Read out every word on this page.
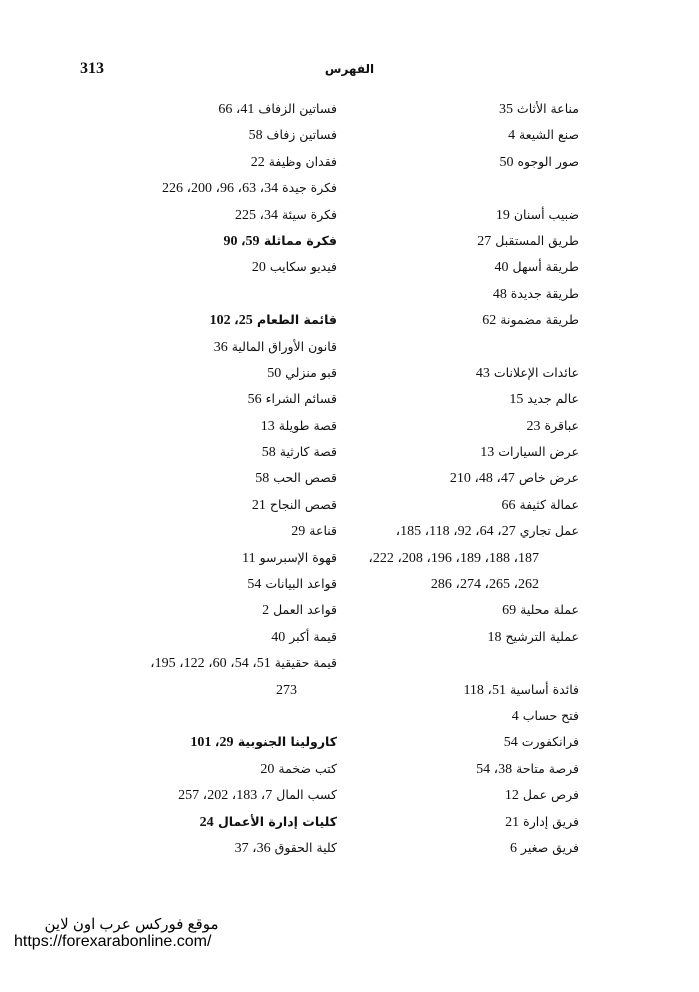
313	الفهرس
مناعة الأثاث 35
صنع الشيعة 4
صور الوجوه 50
ضبيب أسنان 19
طريق المستقبل 27
طريقة أسهل 40
طريقة جديدة 48
طريقة مضمونة 62
عائدات الإعلانات 43
عالم جديد 15
عباقرة 23
عرض السيارات 13
عرض خاص 47، 48، 210
عمالة كثيفة 66
عمل تجاري 27، 64، 92، 118، 185،
187، 188، 189، 196، 208، 222،
262، 265، 274، 286
عملة محلية 69
عملية الترشيح 18
فائدة أساسية 51، 118
فتح حساب 4
فرانكفورت 54
فرصة متاحة 38، 54
فرص عمل 12
فريق إدارة 21
فريق صغير 6
فساتين الزفاف 41، 66
فساتين زفاف 58
فقدان وظيفة 22
فكرة جيدة 34، 63، 96، 200، 226
فكرة سيئة 34، 225
فكرة مماثلة 59، 90
فيديو سكايب 20
قائمة الطعام 25، 102
قانون الأوراق المالية 36
قبو منزلي 50
قسائم الشراء 56
قصة طويلة 13
قصة كارثية 58
قصص الحب 58
قصص النجاح 21
قناعة 29
قهوة الإسبرسو 11
قواعد البيانات 54
قواعد العمل 2
قيمة أكبر 40
قيمة حقيقية 51، 54، 60، 122، 195،
273
كارولينا الجنوبية 29، 101
كتب ضخمة 20
كسب المال 7، 183، 202، 257
كليات إدارة الأعمال 24
كلية الحقوق 36، 37
موقع فوركس عرب اون لاين
https://forexarabonline.com/
